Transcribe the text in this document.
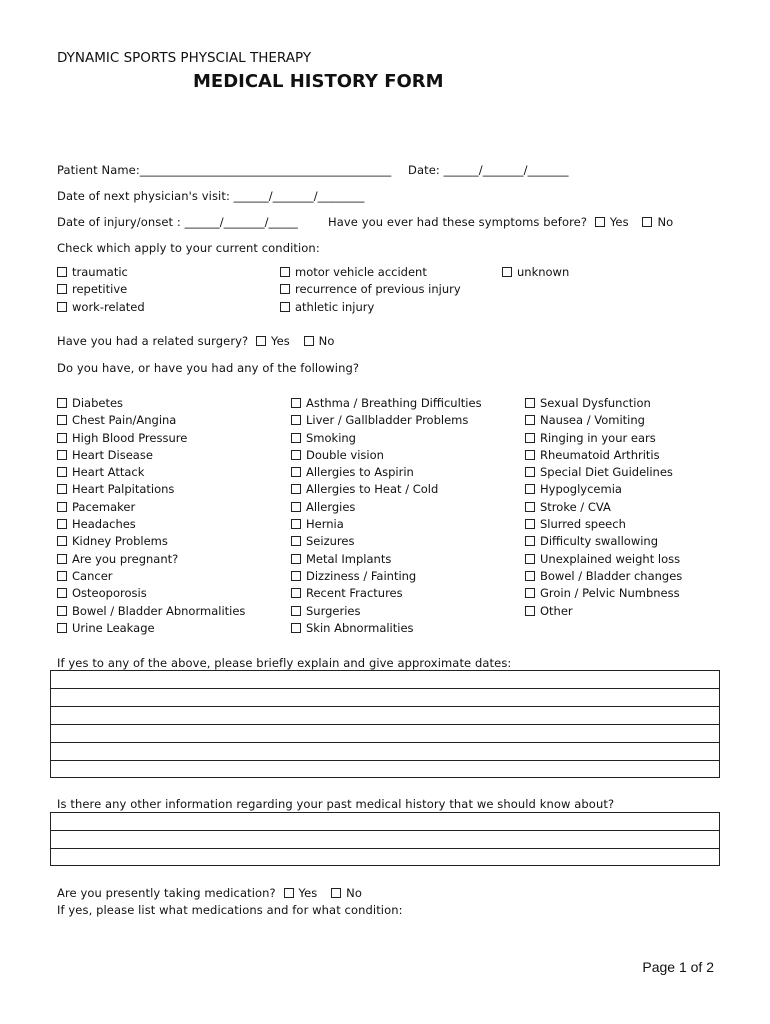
DYNAMIC SPORTS PHYSCIAL THERAPY
MEDICAL HISTORY FORM
Patient Name:___________________________________________ Date: ______/_______/_______
Date of next physician's visit: ______/_______/________
Date of injury/onset : ______/_______/_____	Have you ever had these symptoms before? Yes	No
Check which apply to your current condition:
traumatic
repetitive
work-related
motor vehicle accident
recurrence of previous injury
athletic injury
unknown
Have you had a related surgery? Yes	No
Do you have, or have you had any of the following?
Diabetes
Chest Pain/Angina
High Blood Pressure
Heart Disease
Heart Attack
Heart Palpitations
Pacemaker
Headaches
Kidney Problems
Are you pregnant?
Cancer
Osteoporosis
Bowel / Bladder Abnormalities
Urine Leakage
Asthma / Breathing Difficulties
Liver / Gallbladder Problems
Smoking
Double vision
Allergies to Aspirin
Allergies to Heat / Cold
Allergies
Hernia
Seizures
Metal Implants
Dizziness / Fainting
Recent Fractures
Surgeries
Skin Abnormalities
Sexual Dysfunction
Nausea / Vomiting
Ringing in your ears
Rheumatoid Arthritis
Special Diet Guidelines
Hypoglycemia
Stroke / CVA
Slurred speech
Difficulty swallowing
Unexplained weight loss
Bowel / Bladder changes
Groin / Pelvic Numbness
Other
If yes to any of the above, please briefly explain and give approximate dates:
Is there any other information regarding your past medical history that we should know about?
Are you presently taking medication? Yes	No
If yes, please list what medications and for what condition:
Page 1 of 2
